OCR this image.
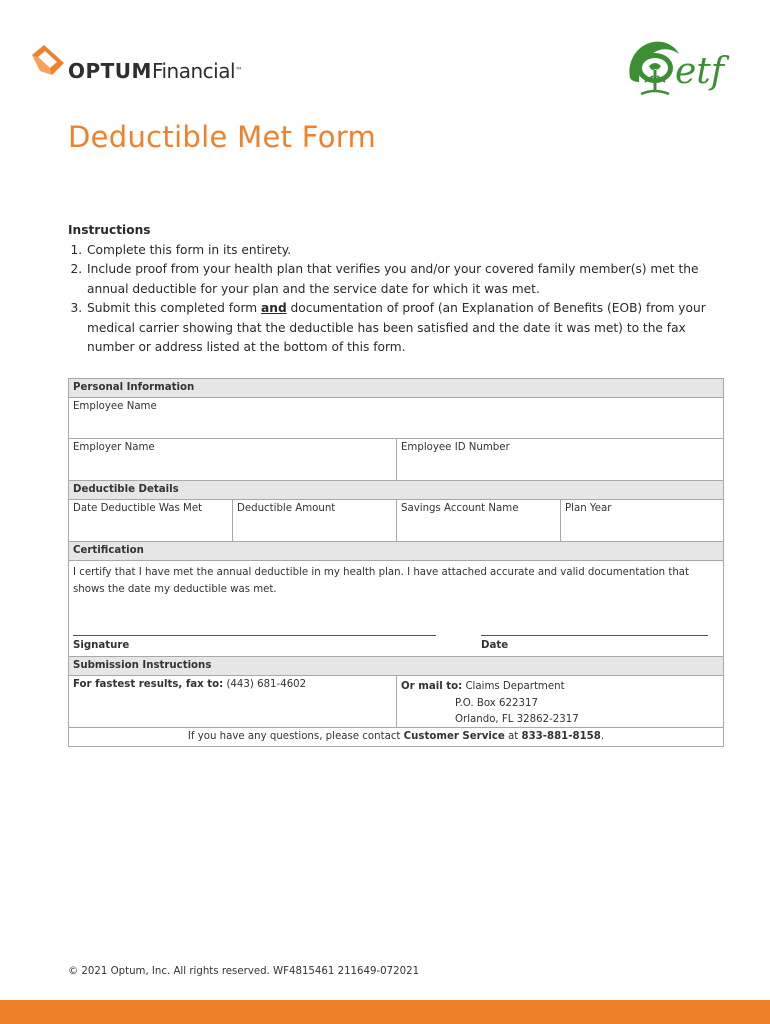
OPTUMFinancial™	etf
Deductible Met Form
Instructions
1. Complete this form in its entirety.
2. Include proof from your health plan that verifies you and/or your covered family member(s) met the annual deductible for your plan and the service date for which it was met.
3. Submit this completed form and documentation of proof (an Explanation of Benefits (EOB) from your medical carrier showing that the deductible has been satisfied and the date it was met) to the fax number or address listed at the bottom of this form.
Personal Information
Employee Name
Employer Name	Employee ID Number
Deductible Details
Date Deductible Was Met	Deductible Amount	Savings Account Name	Plan Year
Certification
I certify that I have met the annual deductible in my health plan. I have attached accurate and valid documentation that shows the date my deductible was met.
Signature	Date
Submission Instructions
For fastest results, fax to: (443) 681-4602	Or mail to: Claims Department
P.O. Box 622317
Orlando, FL 32862-2317
If you have any questions, please contact Customer Service at 833-881-8158.
© 2021 Optum, Inc. All rights reserved. WF4815461 211649-072021
